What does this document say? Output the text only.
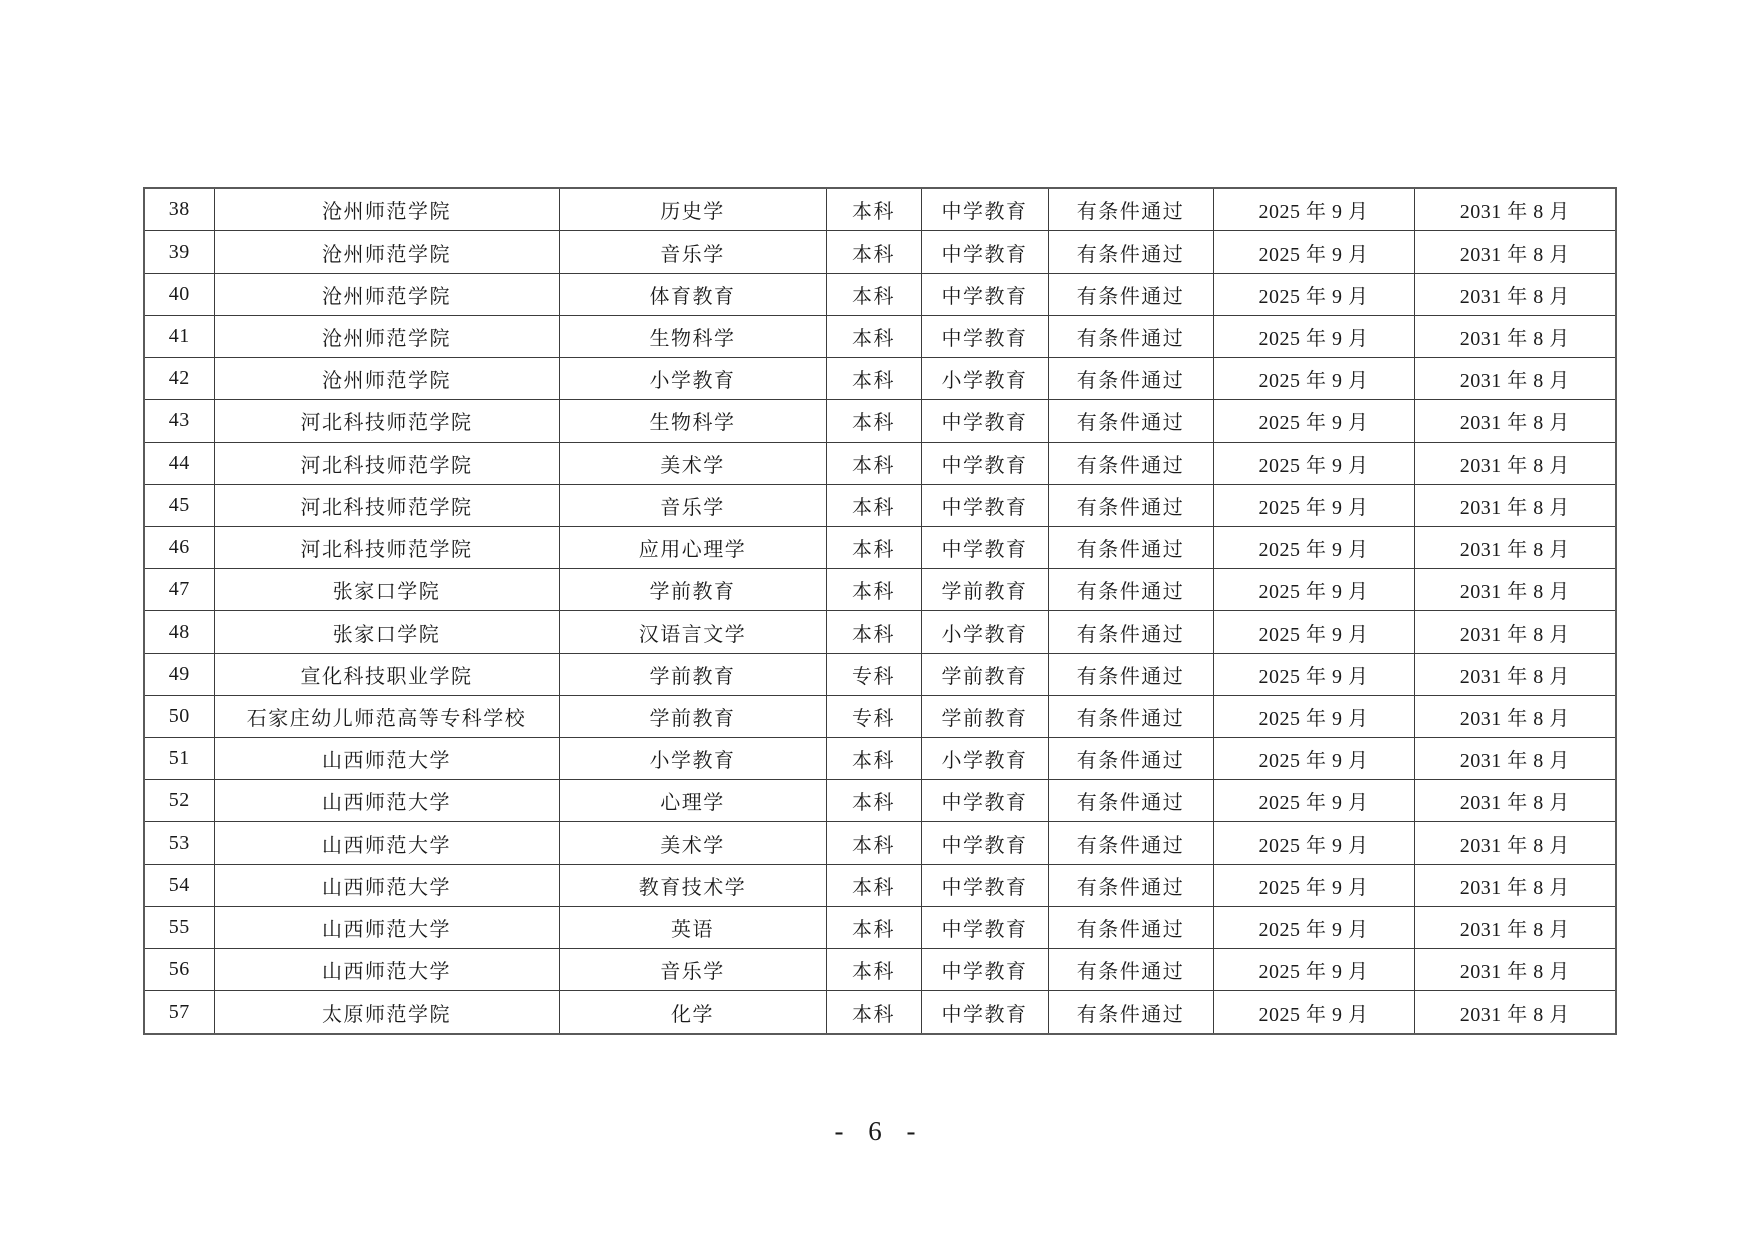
38	沧州师范学院	历史学	本科	中学教育	有条件通过	2025 年 9 月	2031 年 8 月
39	沧州师范学院	音乐学	本科	中学教育	有条件通过	2025 年 9 月	2031 年 8 月
40	沧州师范学院	体育教育	本科	中学教育	有条件通过	2025 年 9 月	2031 年 8 月
41	沧州师范学院	生物科学	本科	中学教育	有条件通过	2025 年 9 月	2031 年 8 月
42	沧州师范学院	小学教育	本科	小学教育	有条件通过	2025 年 9 月	2031 年 8 月
43	河北科技师范学院	生物科学	本科	中学教育	有条件通过	2025 年 9 月	2031 年 8 月
44	河北科技师范学院	美术学	本科	中学教育	有条件通过	2025 年 9 月	2031 年 8 月
45	河北科技师范学院	音乐学	本科	中学教育	有条件通过	2025 年 9 月	2031 年 8 月
46	河北科技师范学院	应用心理学	本科	中学教育	有条件通过	2025 年 9 月	2031 年 8 月
47	张家口学院	学前教育	本科	学前教育	有条件通过	2025 年 9 月	2031 年 8 月
48	张家口学院	汉语言文学	本科	小学教育	有条件通过	2025 年 9 月	2031 年 8 月
49	宣化科技职业学院	学前教育	专科	学前教育	有条件通过	2025 年 9 月	2031 年 8 月
50	石家庄幼儿师范高等专科学校	学前教育	专科	学前教育	有条件通过	2025 年 9 月	2031 年 8 月
51	山西师范大学	小学教育	本科	小学教育	有条件通过	2025 年 9 月	2031 年 8 月
52	山西师范大学	心理学	本科	中学教育	有条件通过	2025 年 9 月	2031 年 8 月
53	山西师范大学	美术学	本科	中学教育	有条件通过	2025 年 9 月	2031 年 8 月
54	山西师范大学	教育技术学	本科	中学教育	有条件通过	2025 年 9 月	2031 年 8 月
55	山西师范大学	英语	本科	中学教育	有条件通过	2025 年 9 月	2031 年 8 月
56	山西师范大学	音乐学	本科	中学教育	有条件通过	2025 年 9 月	2031 年 8 月
57	太原师范学院	化学	本科	中学教育	有条件通过	2025 年 9 月	2031 年 8 月
- 6 -
